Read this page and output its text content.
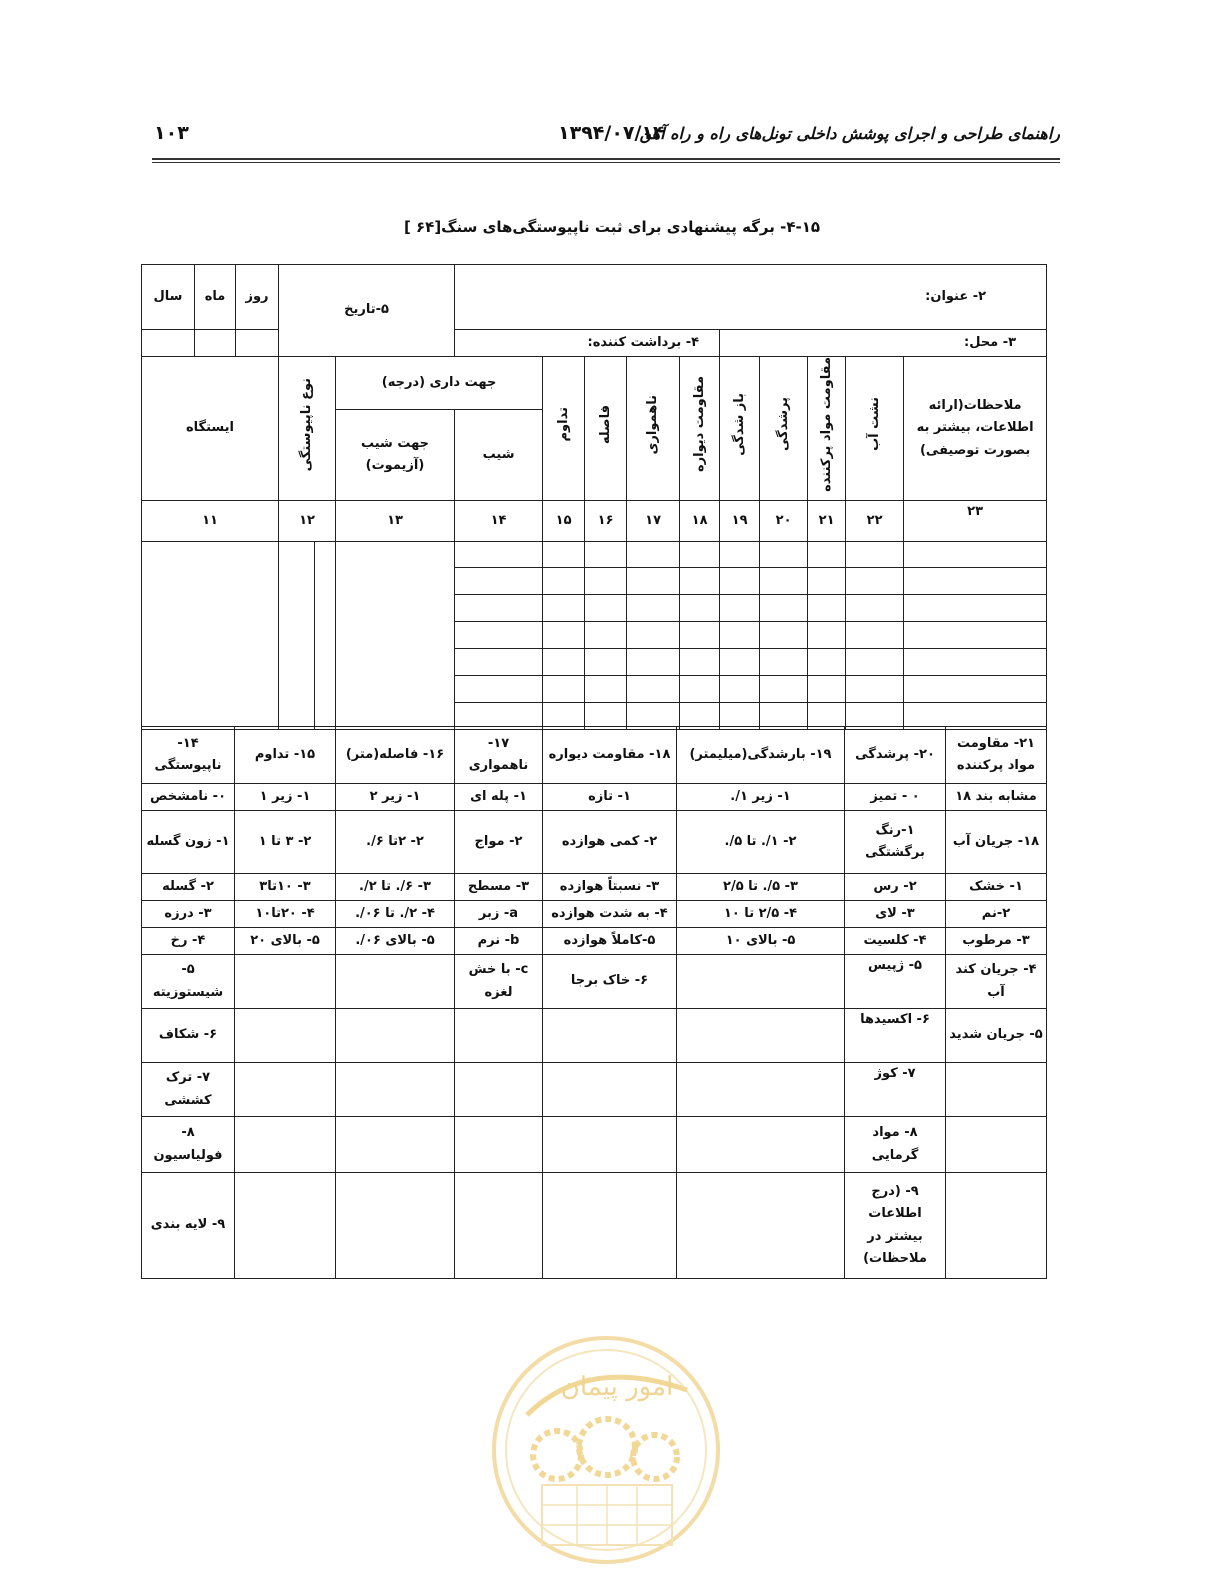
راهنمای طراحی و اجرای پوشش داخلی تونل‌های راه و راه آهن
۱۳۹۴/۰۷/۱۴
۱۰۳
۴-۱۵- برگه پیشنهادی برای ثبت ناپیوستگی‌های سنگ[۶۴ ]
۲- عنوان:										۵-تاریخ			روز	ماه	سال
۳- محل:					۴- برداشت کننده:										
ملاحظات(ارائه اطلاعات، بیشتر به بصورت توصیفی)	نشت آب	مقاومت مواد پرکننده	پرشدگی	باز شدگی	مقاومت دیواره	ناهمواری	فاصله	تداوم	جهت داری (درجه)		نوع ناپیوستگی		ایستگاه		
									شیب	جهت شیب (آزیموت)					
۲۳	۲۲	۲۱	۲۰	۱۹	۱۸	۱۷	۱۶	۱۵	۱۴	۱۳	۱۲		۱۱		

۲۱- مقاومت مواد پرکننده	۲۰- پرشدگی	۱۹- بارشدگی(میلیمتر)	۱۸- مقاومت دیواره	۱۷- ناهمواری	۱۶- فاصله(متر)	۱۵- تداوم	۱۴- ناپیوستگی
مشابه بند ۱۸	۰ - تمیز	۱- زیر ۱/.	۱- تازه	۱- پله ای	۱- زیر ۲	۱- زیر ۱	۰- نامشخص
۱۸- جریان آب	۱-رنگ برگشتگی	۲- ۱/. تا ۵/.	۲- کمی هوازده	۲- مواج	۲- ۲تا ۶/.	۲- ۳ تا ۱	۱- زون گسله
۱- خشک	۲- رس	۳- ۵/. تا ۲/۵	۳- نسبتاً هوازده	۳- مسطح	۳- ۶/. تا ۲/.	۳- ۱۰تا۳	۲- گسله
۲-نم	۳- لای	۴- ۲/۵ تا ۱۰	۴- به شدت هوازده	a- زبر	۴- ۲/. تا ۰۶/.	۴- ۲۰تا۱۰	۳- درزه
۳- مرطوب	۴- کلسیت	۵- بالای ۱۰	۵-کاملاً هوازده	b- نرم	۵- بالای ۰۶/.	۵- بالای ۲۰	۴- رخ
۴- جریان کند آب	۵- ژپیس		۶- خاک برجا	c- با خش لغزه			۵- شیستوزیته
۵- جریان شدید	۶- اکسیدها						۶- شکاف
	۷- کوژ						۷- ترک کششی
	۸- مواد گرمایی						۸- فولیاسیون
	۹- (درج اطلاعات بیشتر در ملاحظات)						۹- لایه بندی
امور پیمان
